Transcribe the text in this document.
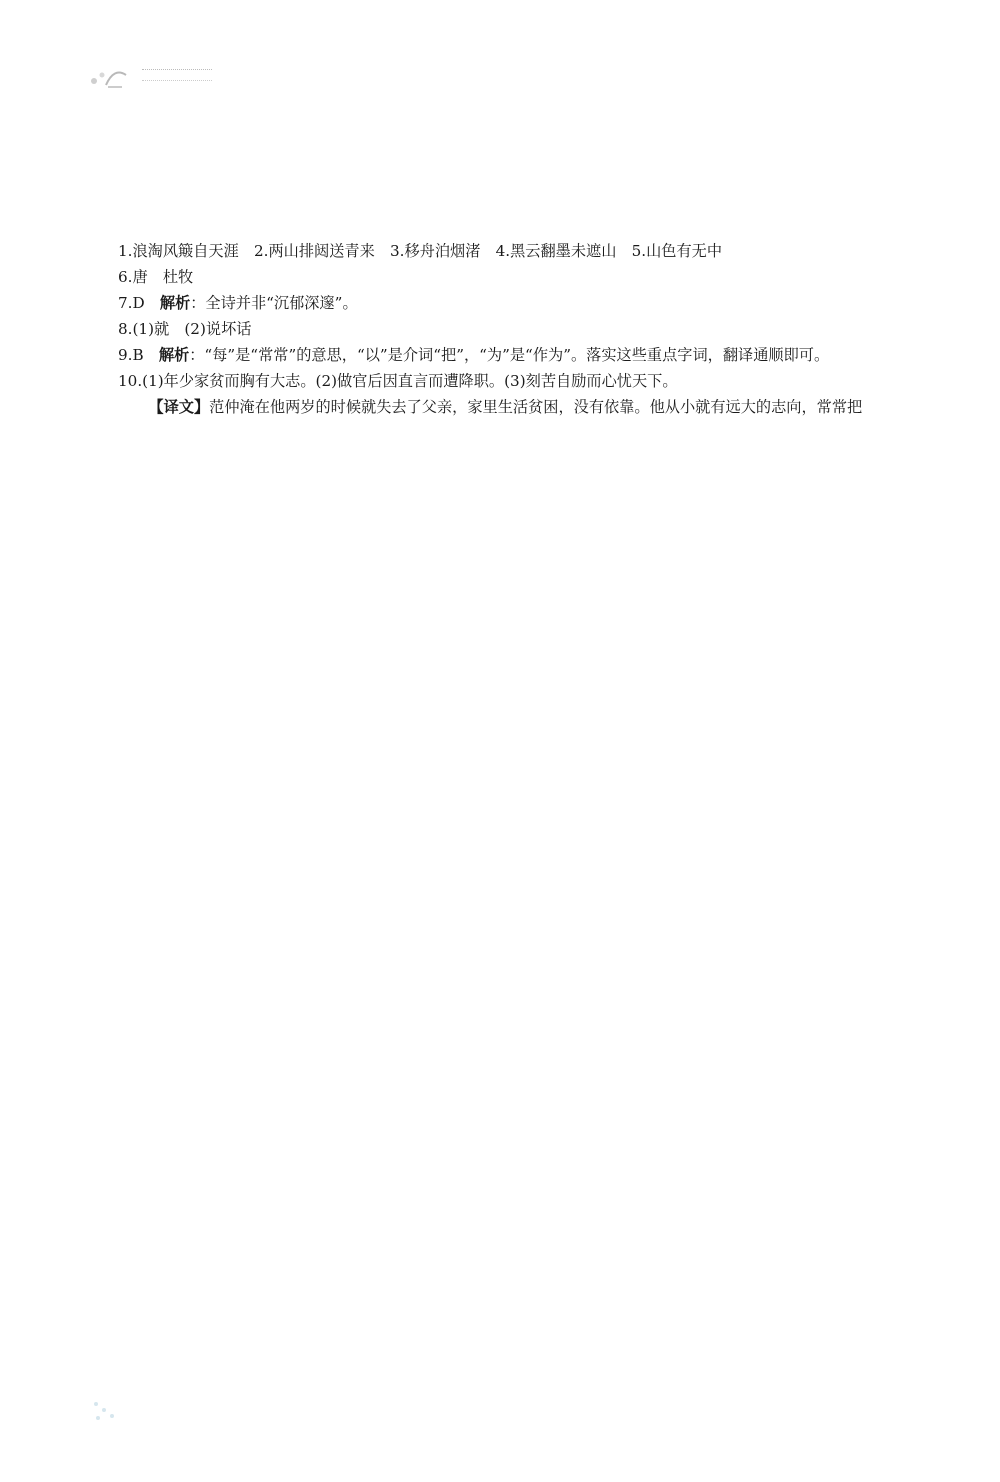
1.浪淘风簸自天涯　2.两山排闼送青来　3.移舟泊烟渚　4.黑云翻墨未遮山　5.山色有无中
6.唐　杜牧
7.D　解析：全诗并非“沉郁深邃”。
8.(1)就　(2)说坏话
9.B　解析：“每”是“常常”的意思，“以”是介词“把”，“为”是“作为”。落实这些重点字词，翻译通顺即可。
10.(1)年少家贫而胸有大志。(2)做官后因直言而遭降职。(3)刻苦自励而心忧天下。
【译文】范仲淹在他两岁的时候就失去了父亲，家里生活贫困，没有依靠。他从小就有远大的志向，常常把
